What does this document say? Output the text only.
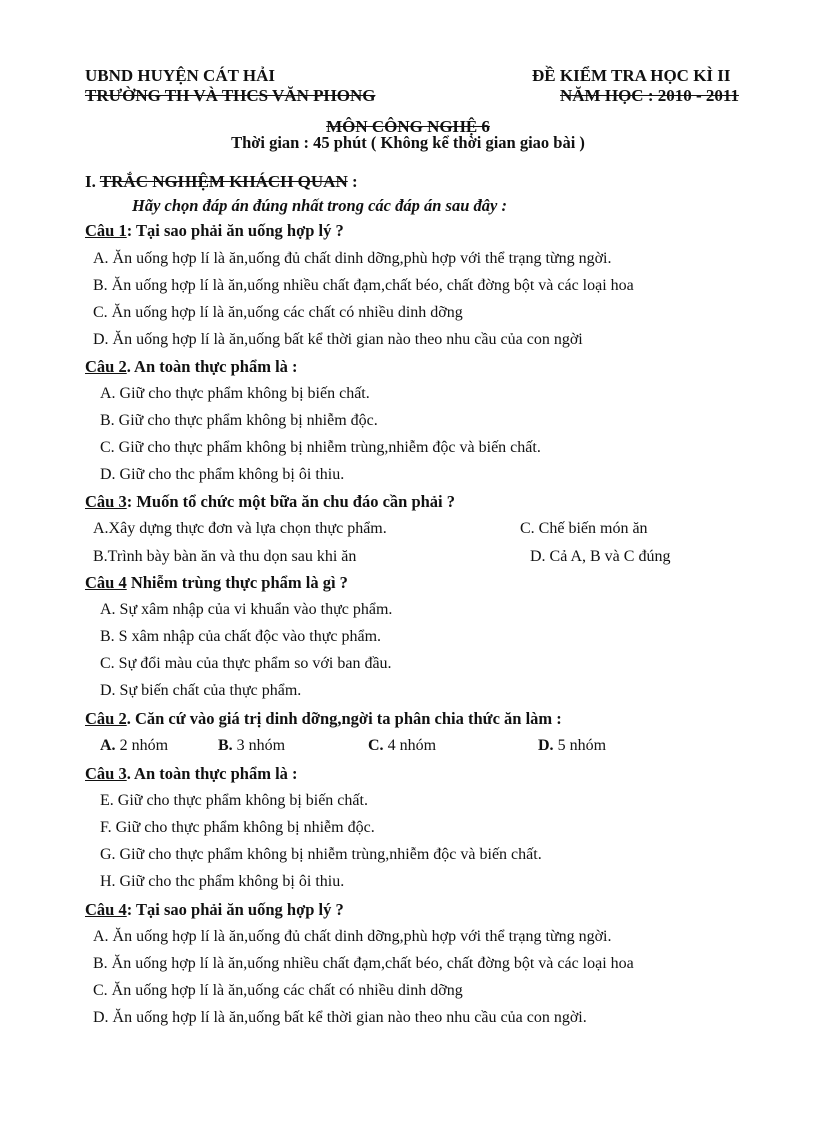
UBND HUYỆN CÁT HẢI
TRƯỜNG TH VÀ THCS VĂN PHONG
ĐỀ KIỂM TRA HỌC KÌ II
NĂM HỌC : 2010 - 2011
MÔN CÔNG NGHỆ 6
Thời gian : 45 phút ( Không kể thời gian giao bài )
I. TRẮC NGHIỆM KHÁCH QUAN :
Hãy chọn đáp án đúng nhất trong các đáp án sau đây :
Câu 1: Tại sao phải ăn uống hợp lý ?
A. Ăn uống hợp lí là ăn,uống đủ chất dinh dỡng,phù hợp với thể trạng từng ngời.
B. Ăn uống hợp lí là ăn,uống nhiều chất đạm,chất béo, chất đờng bột và các loại hoa
C. Ăn uống hợp lí là ăn,uống các chất có nhiều dinh dỡng
D. Ăn uống hợp lí là ăn,uống bất kể thời gian nào theo nhu cầu của con ngời
Câu 2. An toàn thực phẩm là :
A. Giữ cho thực phẩm không bị biến chất.
B. Giữ cho thực phẩm không bị nhiễm độc.
C. Giữ cho thực phẩm không bị nhiễm trùng,nhiễm độc và biến chất.
D. Giữ cho thc phẩm không bị ôi thiu.
Câu 3: Muốn tổ chức một bữa ăn chu đáo cần phải ?
A.Xây dựng thực đơn và lựa chọn thực phẩm.	C. Chế biến món ăn
B.Trình bày bàn ăn và thu dọn sau khi ăn	D. Cả A, B và C đúng
Câu 4 Nhiễm trùng thực phẩm là gì ?
A. Sự xâm nhập của vi khuẩn vào thực phẩm.
B. S xâm nhập của chất độc vào thực phẩm.
C. Sự đổi màu của thực phẩm so với ban đầu.
D. Sự biến chất của thực phẩm.
Câu 2. Căn cứ vào giá trị dinh dỡng,ngời ta phân chia thức ăn làm :
A. 2 nhóm	B. 3 nhóm	C. 4 nhóm	D. 5 nhóm
Câu 3. An toàn thực phẩm là :
E. Giữ cho thực phẩm không bị biến chất.
F. Giữ cho thực phẩm không bị nhiễm độc.
G. Giữ cho thực phẩm không bị nhiễm trùng,nhiễm độc và biến chất.
H. Giữ cho thc phẩm không bị ôi thiu.
Câu 4: Tại sao phải ăn uống hợp lý ?
A. Ăn uống hợp lí là ăn,uống đủ chất dinh dỡng,phù hợp với thể trạng từng ngời.
B. Ăn uống hợp lí là ăn,uống nhiều chất đạm,chất béo, chất đờng bột và các loại hoa
C. Ăn uống hợp lí là ăn,uống các chất có nhiều dinh dỡng
D. Ăn uống hợp lí là ăn,uống bất kể thời gian nào theo nhu cầu của con ngời.
